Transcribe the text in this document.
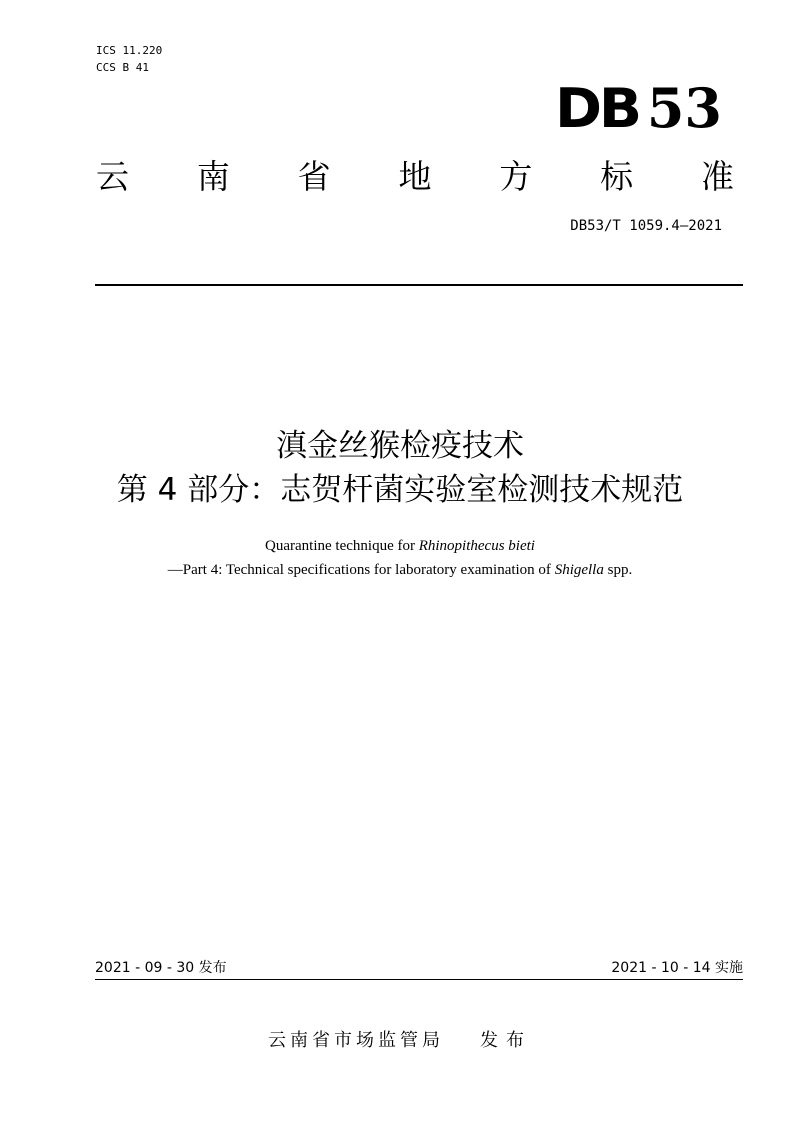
ICS 11.220
CCS B 41
DB 53
云 南 省 地 方 标 准
DB53/T 1059.4—2021
滇金丝猴检疫技术
第 4 部分：志贺杆菌实验室检测技术规范
Quarantine technique for Rhinopithecus bieti
—Part 4: Technical specifications for laboratory examination of Shigella spp.
2021 - 09 - 30 发布	2021 - 10 - 14 实施
云南省市场监管局 发布
